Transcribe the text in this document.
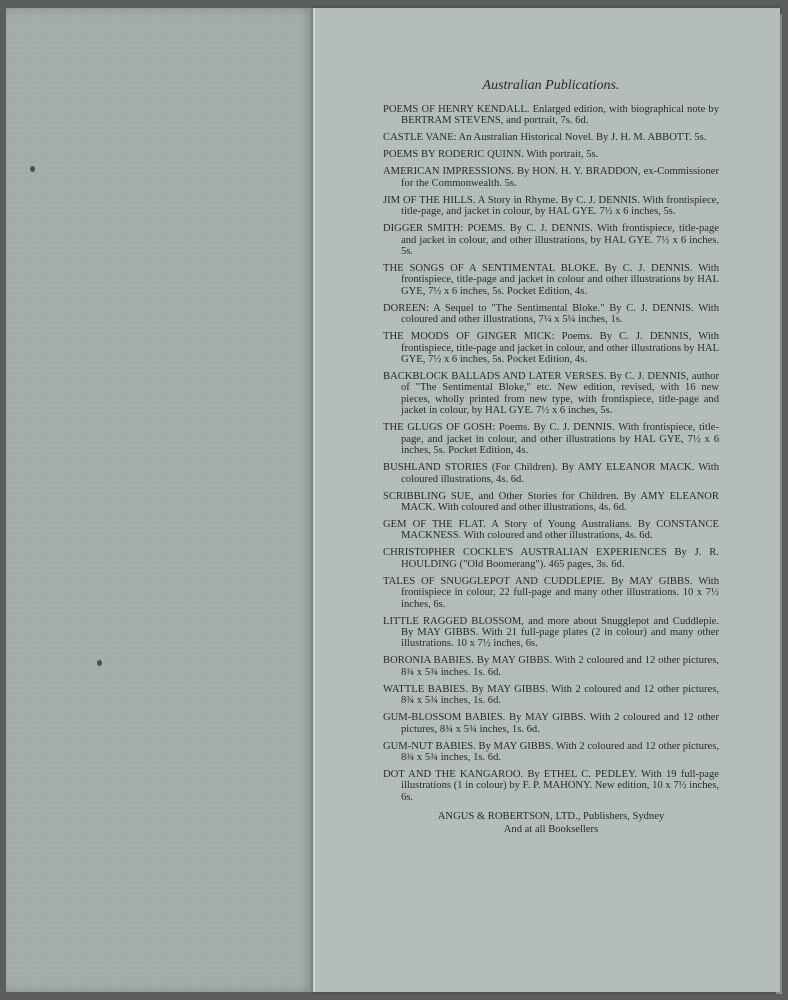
Australian Publications.

POEMS OF HENRY KENDALL. Enlarged edition, with biographical note by BERTRAM STEVENS, and portrait, 7s. 6d.

CASTLE VANE: An Australian Historical Novel. By J. H. M. ABBOTT. 5s.

POEMS BY RODERIC QUINN. With portrait, 5s.

AMERICAN IMPRESSIONS. By HON. H. Y. BRADDON, ex-Commissioner for the Commonwealth. 5s.

JIM OF THE HILLS. A Story in Rhyme. By C. J. DENNIS. With frontispiece, title-page, and jacket in colour, by HAL GYE. 7½ x 6 inches, 5s.

DIGGER SMITH: POEMS. By C. J. DENNIS. With frontispiece, title-page and jacket in colour, and other illustrations, by HAL GYE. 7½ x 6 inches. 5s.

THE SONGS OF A SENTIMENTAL BLOKE. By C. J. DENNIS. With frontispiece, title-page and jacket in colour and other illustrations by HAL GYE, 7½ x 6 inches, 5s. Pocket Edition, 4s.

DOREEN: A Sequel to "The Sentimental Bloke." By C. J. DENNIS. With coloured and other illustrations, 7¼ x 5¼ inches, 1s.

THE MOODS OF GINGER MICK: Poems. By C. J. DENNIS, With frontispiece, title-page and jacket in colour, and other illustrations by HAL GYE, 7½ x 6 inches, 5s. Pocket Edition, 4s.

BACKBLOCK BALLADS AND LATER VERSES. By C. J. DENNIS, author of "The Sentimental Bloke," etc. New edition, revised, with 16 new pieces, wholly printed from new type, with frontispiece, title-page and jacket in colour, by HAL GYE. 7½ x 6 inches, 5s.

THE GLUGS OF GOSH: Poems. By C. J. DENNIS. With frontispiece, title-page, and jacket in colour, and other illustrations by HAL GYE, 7½ x 6 inches, 5s. Pocket Edition, 4s.

BUSHLAND STORIES (For Children). By AMY ELEANOR MACK. With coloured illustrations, 4s. 6d.

SCRIBBLING SUE, and Other Stories for Children. By AMY ELEANOR MACK. With coloured and other illustrations, 4s. 6d.

GEM OF THE FLAT. A Story of Young Australians. By CONSTANCE MACKNESS. With coloured and other illustrations, 4s. 6d.

CHRISTOPHER COCKLE'S AUSTRALIAN EXPERIENCES By J. R. HOULDING ("Old Boomerang"). 465 pages, 3s. 6d.

TALES OF SNUGGLEPOT AND CUDDLEPIE. By MAY GIBBS. With frontispiece in colour, 22 full-page and many other illustrations. 10 x 7½ inches, 6s.

LITTLE RAGGED BLOSSOM, and more about Snugglepot and Cuddlepie. By MAY GIBBS. With 21 full-page plates (2 in colour) and many other illustrations. 10 x 7½ inches, 6s.

BORONIA BABIES. By MAY GIBBS. With 2 coloured and 12 other pictures, 8¾ x 5¾ inches. 1s. 6d.

WATTLE BABIES. By MAY GIBBS. With 2 coloured and 12 other pictures, 8¾ x 5¾ inches, 1s. 6d.

GUM-BLOSSOM BABIES. By MAY GIBBS. With 2 coloured and 12 other pictures, 8¾ x 5¾ inches, 1s. 6d.

GUM-NUT BABIES. By MAY GIBBS. With 2 coloured and 12 other pictures, 8¾ x 5¾ inches, 1s. 6d.

DOT AND THE KANGAROO. By ETHEL C. PEDLEY. With 19 full-page illustrations (1 in colour) by F. P. MAHONY. New edition, 10 x 7½ inches, 6s.

ANGUS & ROBERTSON, LTD., Publishers, Sydney
And at all Booksellers
